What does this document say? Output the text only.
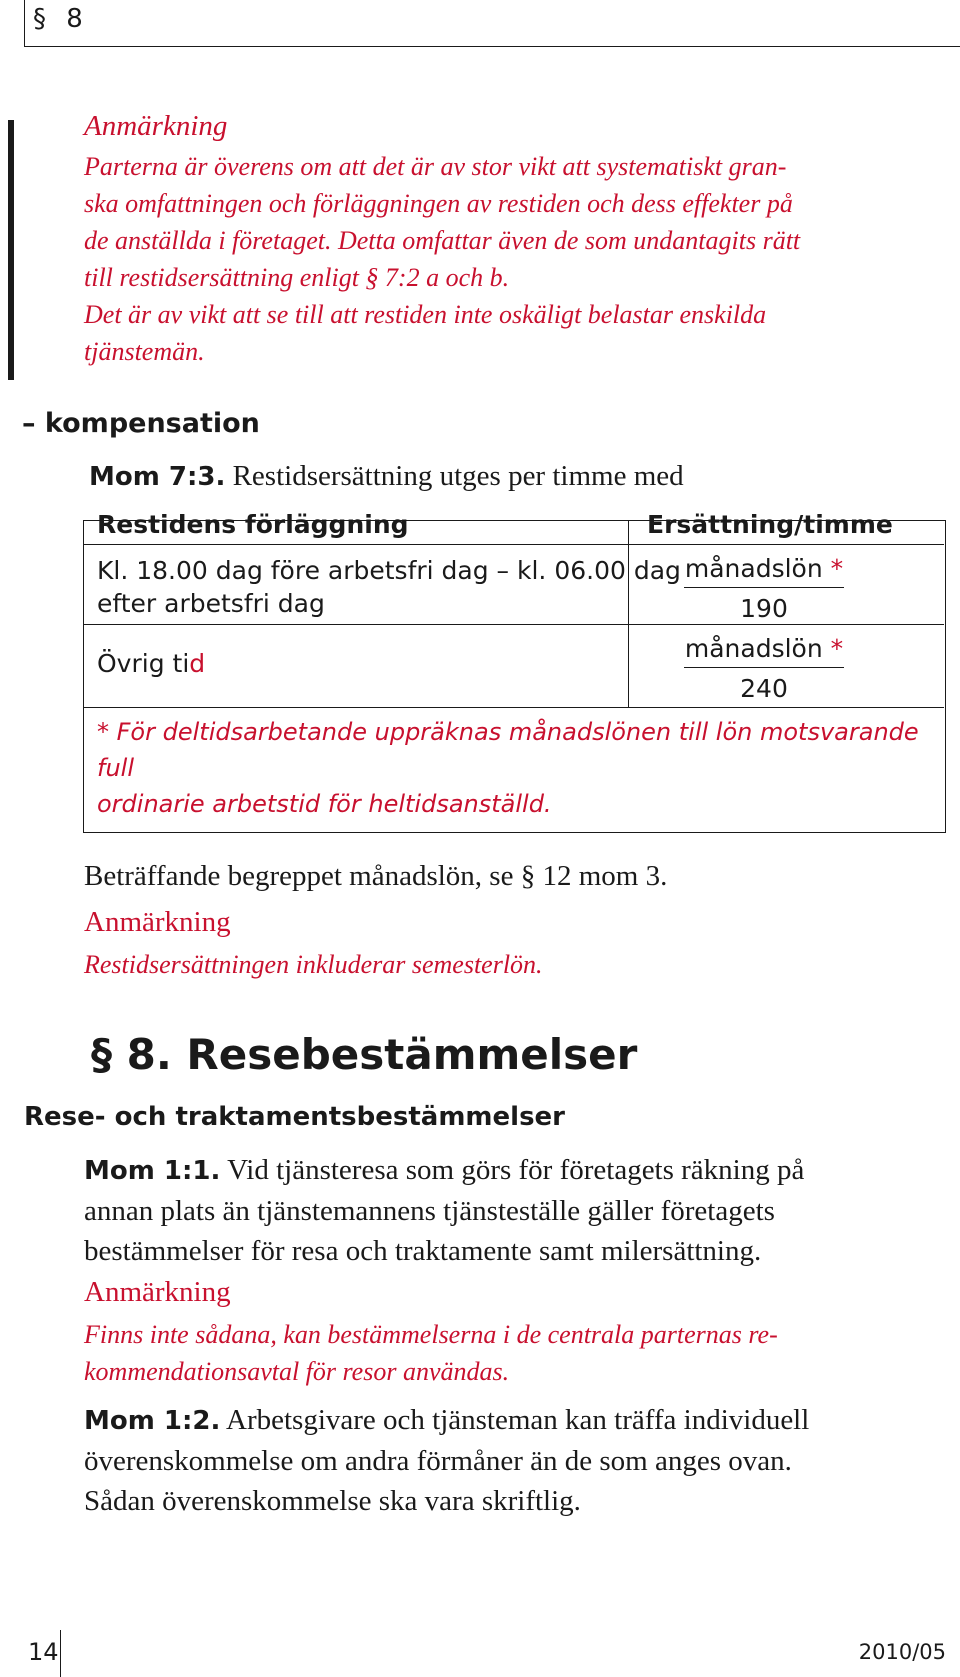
§ 8
Anmärkning
Parterna är överens om att det är av stor vikt att systematiskt gran-
ska omfattningen och förläggningen av restiden och dess effekter på
de anställda i företaget. Detta omfattar även de som undantagits rätt
till restidsersättning enligt § 7:2 a och b.
Det är av vikt att se till att restiden inte oskäligt belastar enskilda
tjänstemän.
– kompensation
Mom 7:3. Restidsersättning utges per timme med
Restidens förläggning	Ersättning/timme
Kl. 18.00 dag före arbetsfri dag – kl. 06.00 dag
efter arbetsfri dag
månadslön *
190
Övrig tid
månadslön *
240
* För deltidsarbetande uppräknas månadslönen till lön motsvarande full
ordinarie arbetstid för heltidsanställd.
Beträffande begreppet månadslön, se § 12 mom 3.
Anmärkning
Restidsersättningen inkluderar semesterlön.
§ 8. Resebestämmelser
Rese- och traktamentsbestämmelser
Mom 1:1. Vid tjänsteresa som görs för företagets räkning på
annan plats än tjänstemannens tjänsteställe gäller företagets
bestämmelser för resa och traktamente samt milersättning.
Anmärkning
Finns inte sådana, kan bestämmelserna i de centrala parternas re-
kommendationsavtal för resor användas.
Mom 1:2. Arbetsgivare och tjänsteman kan träffa individuell
överenskommelse om andra förmåner än de som anges ovan.
Sådan överenskommelse ska vara skriftlig.
14	2010/05
